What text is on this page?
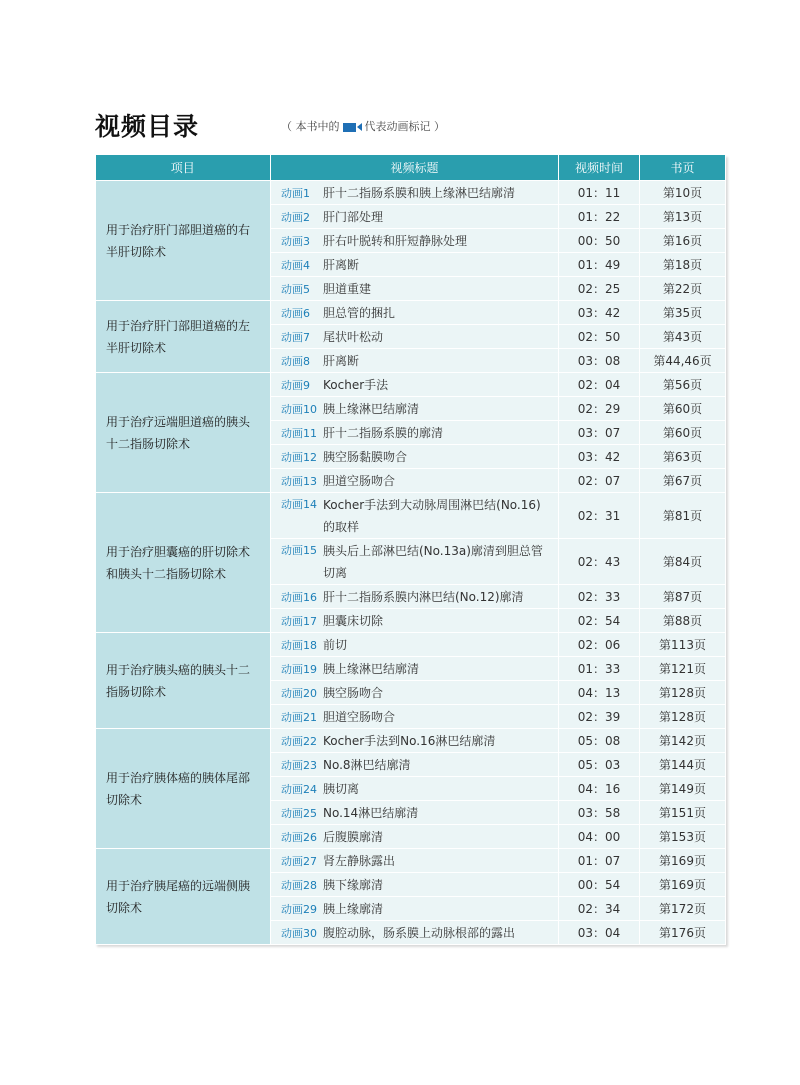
视频目录	（ 本书中的 代表动画标记 ）
项目	视频标题	视频时间	书页
用于治疗肝门部胆道癌的右半肝切除术	动画1 肝十二指肠系膜和胰上缘淋巴结廓清	01：11	第10页

	动画2 肝门部处理	01：22	第13页

	动画3 肝右叶脱转和肝短静脉处理	00：50	第16页

	动画4 肝离断	01：49	第18页

	动画5 胆道重建	02：25	第22页
用于治疗肝门部胆道癌的左半肝切除术	动画6 胆总管的捆扎	03：42	第35页

	动画7 尾状叶松动	02：50	第43页

	动画8 肝离断	03：08	第44,46页
用于治疗远端胆道癌的胰头十二指肠切除术	动画9 Kocher手法	02：04	第56页

	动画10 胰上缘淋巴结廓清	02：29	第60页

	动画11 肝十二指肠系膜的廓清	03：07	第60页

	动画12 胰空肠黏膜吻合	03：42	第63页

	动画13 胆道空肠吻合	02：07	第67页
用于治疗胆囊癌的肝切除术和胰头十二指肠切除术	动画14 Kocher手法到大动脉周围淋巴结(No.16)的取样	02：31	第81页

	动画15 胰头后上部淋巴结(No.13a)廓清到胆总管切离	02：43	第84页

	动画16 肝十二指肠系膜内淋巴结(No.12)廓清	02：33	第87页

	动画17 胆囊床切除	02：54	第88页
用于治疗胰头癌的胰头十二指肠切除术	动画18 前切	02：06	第113页

	动画19 胰上缘淋巴结廓清	01：33	第121页

	动画20 胰空肠吻合	04：13	第128页

	动画21 胆道空肠吻合	02：39	第128页
用于治疗胰体癌的胰体尾部切除术	动画22 Kocher手法到No.16淋巴结廓清	05：08	第142页

	动画23 No.8淋巴结廓清	05：03	第144页

	动画24 胰切离	04：16	第149页

	动画25 No.14淋巴结廓清	03：58	第151页

	动画26 后腹膜廓清	04：00	第153页
用于治疗胰尾癌的远端侧胰切除术	动画27 肾左静脉露出	01：07	第169页

	动画28 胰下缘廓清	00：54	第169页

	动画29 胰上缘廓清	02：34	第172页

	动画30 腹腔动脉，肠系膜上动脉根部的露出	03：04	第176页
